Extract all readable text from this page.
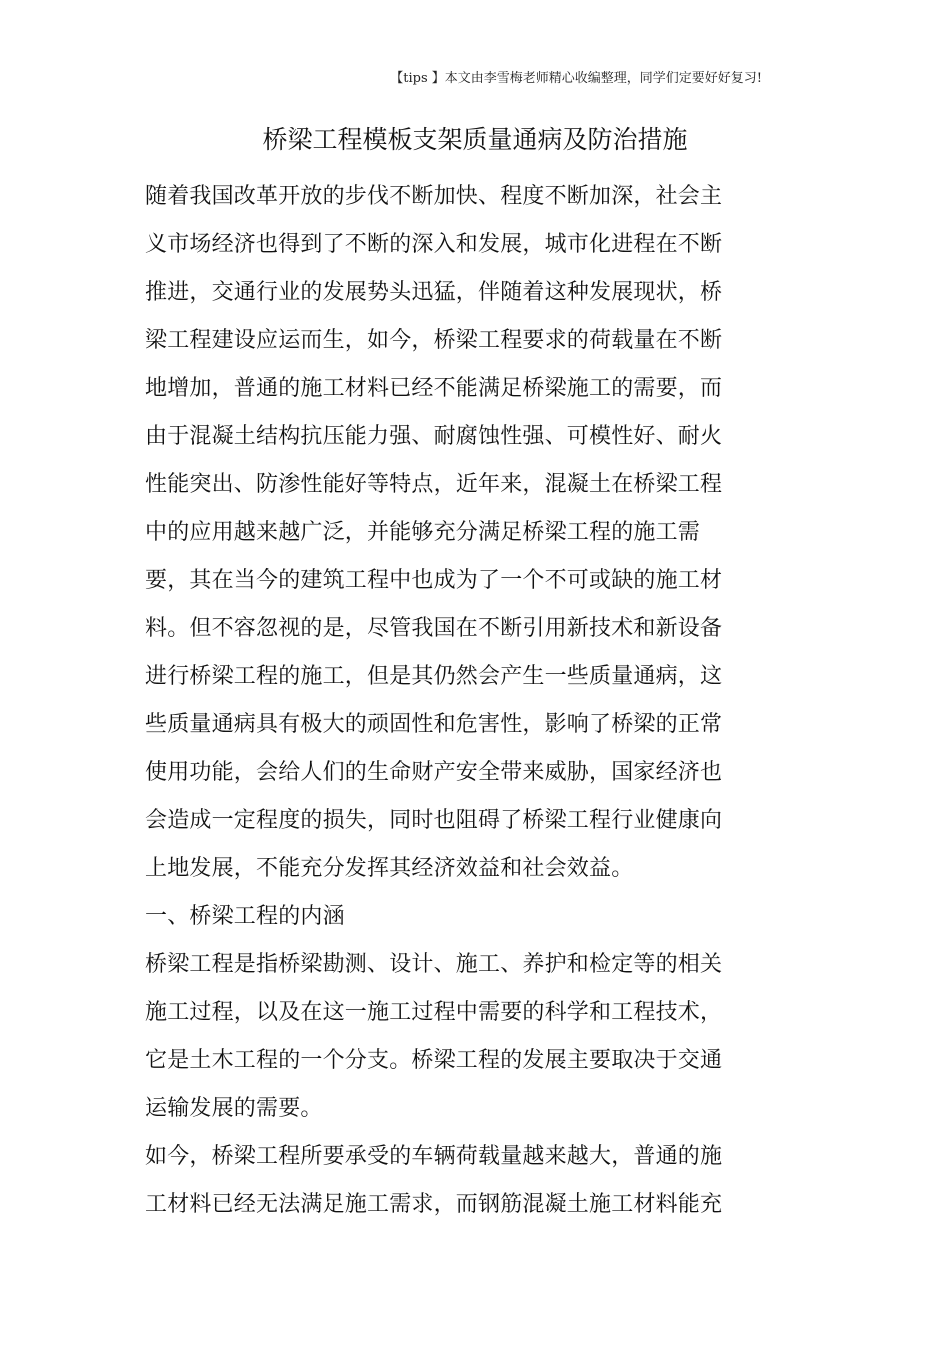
【tips 】本文由李雪梅老师精心收编整理，同学们定要好好复习!
桥梁工程模板支架质量通病及防治措施
随着我国改革开放的步伐不断加快、程度不断加深，社会主
义市场经济也得到了不断的深入和发展，城市化进程在不断
推进，交通行业的发展势头迅猛，伴随着这种发展现状，桥
梁工程建设应运而生，如今，桥梁工程要求的荷载量在不断
地增加，普通的施工材料已经不能满足桥梁施工的需要，而
由于混凝土结构抗压能力强、耐腐蚀性强、可模性好、耐火
性能突出、防渗性能好等特点，近年来，混凝土在桥梁工程
中的应用越来越广泛，并能够充分满足桥梁工程的施工需
要，其在当今的建筑工程中也成为了一个不可或缺的施工材
料。但不容忽视的是，尽管我国在不断引用新技术和新设备
进行桥梁工程的施工，但是其仍然会产生一些质量通病，这
些质量通病具有极大的顽固性和危害性，影响了桥梁的正常
使用功能，会给人们的生命财产安全带来威胁，国家经济也
会造成一定程度的损失，同时也阻碍了桥梁工程行业健康向
上地发展，不能充分发挥其经济效益和社会效益。
一、桥梁工程的内涵
桥梁工程是指桥梁勘测、设计、施工、养护和检定等的相关
施工过程，以及在这一施工过程中需要的科学和工程技术，
它是土木工程的一个分支。桥梁工程的发展主要取决于交通
运输发展的需要。
如今，桥梁工程所要承受的车辆荷载量越来越大，普通的施
工材料已经无法满足施工需求，而钢筋混凝土施工材料能充
